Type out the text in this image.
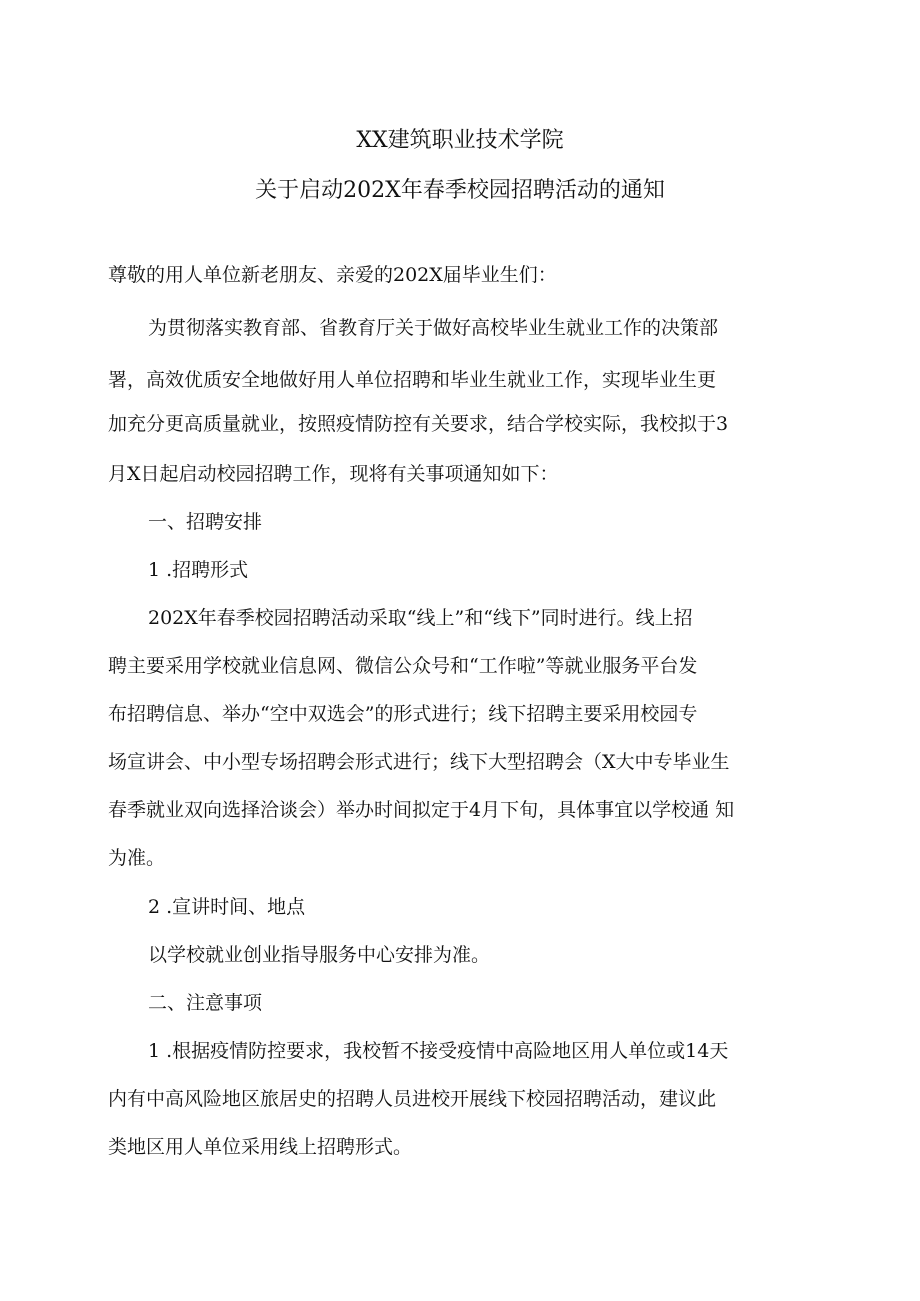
XX建筑职业技术学院
关于启动202X年春季校园招聘活动的通知
尊敬的用人单位新老朋友、亲爱的202X届毕业生们：
为贯彻落实教育部、省教育厅关于做好高校毕业生就业工作的决策部
署，高效优质安全地做好用人单位招聘和毕业生就业工作，实现毕业生更
加充分更高质量就业，按照疫情防控有关要求，结合学校实际，我校拟于3
月X日起启动校园招聘工作，现将有关事项通知如下：
一、招聘安排
1 .招聘形式
202X年春季校园招聘活动采取“线上”和“线下”同时进行。线上招
聘主要采用学校就业信息网、微信公众号和“工作啦”等就业服务平台发
布招聘信息、举办“空中双选会”的形式进行；线下招聘主要采用校园专
场宣讲会、中小型专场招聘会形式进行；线下大型招聘会（X大中专毕业生
春季就业双向选择洽谈会）举办时间拟定于4月下旬，具体事宜以学校通 知
为准。
2 .宣讲时间、地点
以学校就业创业指导服务中心安排为准。
二、注意事项
1 .根据疫情防控要求，我校暂不接受疫情中高险地区用人单位或14天
内有中高风险地区旅居史的招聘人员进校开展线下校园招聘活动，建议此
类地区用人单位采用线上招聘形式。
